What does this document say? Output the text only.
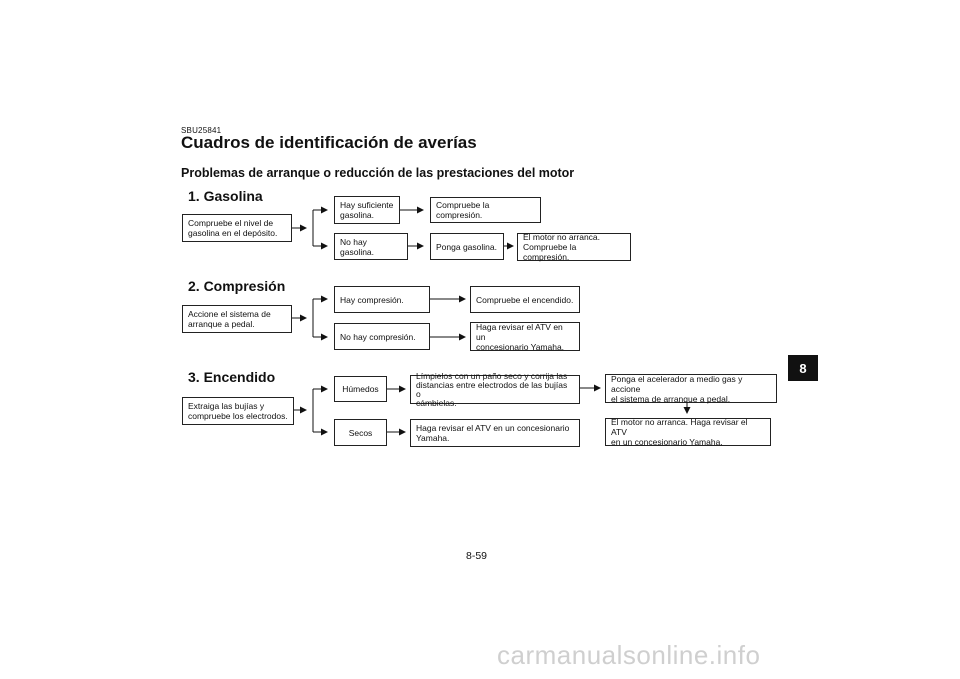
SBU25841
Cuadros de identificación de averías
Problemas de arranque o reducción de las prestaciones del motor
1. Gasolina
Compruebe el nivel de
gasolina en el depósito.
Hay suficiente
gasolina.
Compruebe la compresión.
No hay gasolina.	Ponga gasolina.
El motor no arranca.
Compruebe la compresión.
2. Compresión
Accione el sistema de
arranque a pedal.
Hay compresión.	Compruebe el encendido.
No hay compresión.
Haga revisar el ATV en un
concesionario Yamaha.
3. Encendido
Extraiga las bujías y
compruebe los electrodos.
Húmedos
Límpielos con un paño seco y corrija las
distancias entre electrodos de las bujías o
cámbielas.
Ponga el acelerador a medio gas y accione
el sistema de arranque a pedal.
El motor no arranca. Haga revisar el ATV
en un concesionario Yamaha.
Secos	Haga revisar el ATV en un concesionario
Yamaha.
8
8-59
carmanualsonline.info
